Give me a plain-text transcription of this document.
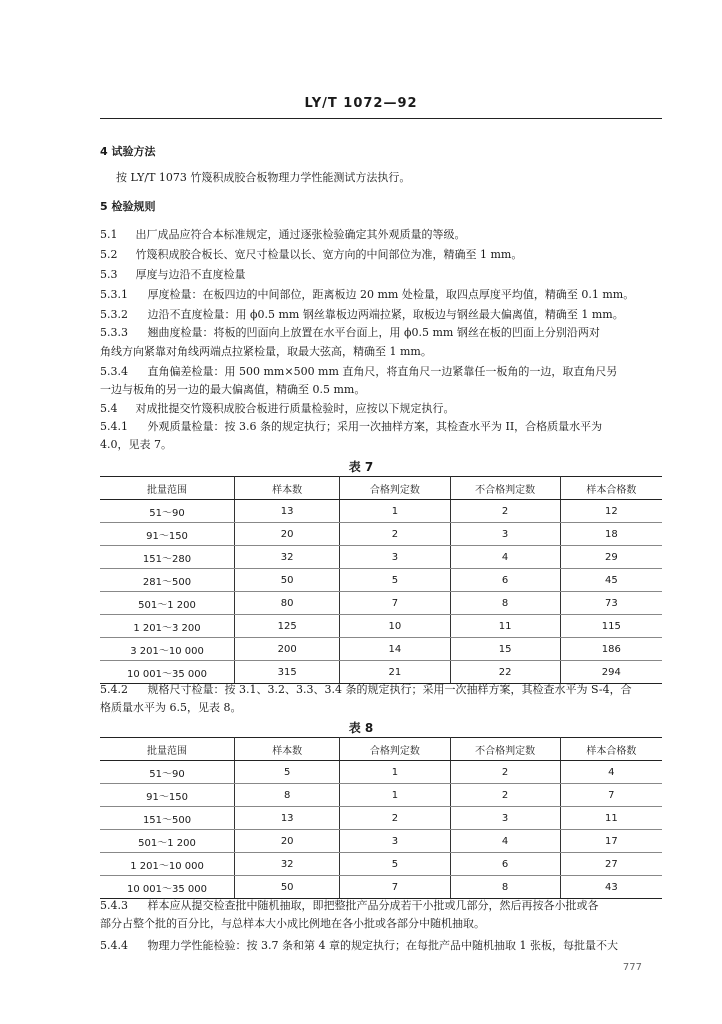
LY/T 1072—92
4 试验方法
按 LY/T 1073 竹篾积成胶合板物理力学性能测试方法执行。
5 检验规则
5.1 出厂成品应符合本标准规定，通过逐张检验确定其外观质量的等级。
5.2 竹篾积成胶合板长、宽尺寸检量以长、宽方向的中间部位为准，精确至 1 mm。
5.3 厚度与边沿不直度检量
5.3.1 厚度检量：在板四边的中间部位，距离板边 20 mm 处检量，取四点厚度平均值，精确至 0.1 mm。
5.3.2 边沿不直度检量：用 ϕ0.5 mm 钢丝靠板边两端拉紧，取板边与钢丝最大偏离值，精确至 1 mm。
5.3.3 翘曲度检量：将板的凹面向上放置在水平台面上，用 ϕ0.5 mm 钢丝在板的凹面上分别沿两对
角线方向紧靠对角线两端点拉紧检量，取最大弦高，精确至 1 mm。
5.3.4 直角偏差检量：用 500 mm×500 mm 直角尺，将直角尺一边紧靠任一板角的一边，取直角尺另
一边与板角的另一边的最大偏离值，精确至 0.5 mm。
5.4 对成批提交竹篾积成胶合板进行质量检验时，应按以下规定执行。
5.4.1 外观质量检量：按 3.6 条的规定执行；采用一次抽样方案，其检查水平为 II，合格质量水平为
4.0，见表 7。
表 7
批量范围	样本数	合格判定数	不合格判定数	样本合格数
51～90	13	1	2	12
91～150	20	2	3	18
151～280	32	3	4	29
281～500	50	5	6	45
501～1 200	80	7	8	73
1 201～3 200	125	10	11	115
3 201～10 000	200	14	15	186
10 001～35 000	315	21	22	294
5.4.2 规格尺寸检量：按 3.1、3.2、3.3、3.4 条的规定执行；采用一次抽样方案，其检查水平为 S-4，合
格质量水平为 6.5，见表 8。
表 8
批量范围	样本数	合格判定数	不合格判定数	样本合格数
51～90	5	1	2	4
91～150	8	1	2	7
151～500	13	2	3	11
501～1 200	20	3	4	17
1 201～10 000	32	5	6	27
10 001～35 000	50	7	8	43
5.4.3 样本应从提交检查批中随机抽取，即把整批产品分成若干小批或几部分，然后再按各小批或各
部分占整个批的百分比，与总样本大小成比例地在各小批或各部分中随机抽取。
5.4.4 物理力学性能检验：按 3.7 条和第 4 章的规定执行；在每批产品中随机抽取 1 张板，每批量不大
777
